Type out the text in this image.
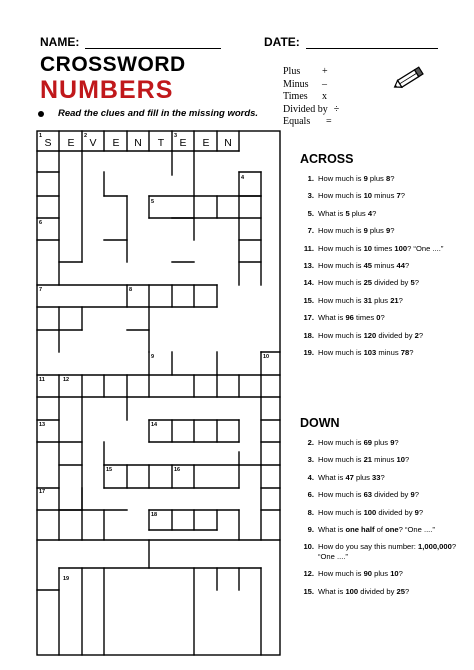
NAME:	DATE:
CROSSWORD
NUMBERS
Plus	+
Minus	–
Times	x
Divided by ÷
Equals	=
Read the clues and fill in the missing words.
1	2	3
4
5
6
7	8
9	10
11	12
13	14
15	16
17
18
19
S E V E N T E E N
ACROSS
1. How much is 9 plus 8?
3. How much is 10 minus 7?
5. What is 5 plus 4?
7. How much is 9 plus 9?
11. How much is 10 times 100? “One ....”
13. How much is 45 minus 44?
14. How much is 25 divided by 5?
15. How much is 31 plus 21?
17. What is 96 times 0?
18. How much is 120 divided by 2?
19. How much is 103 minus 78?
DOWN
2. How much is 69 plus 9?
3. How much is 21 minus 10?
4. What is 47 plus 33?
6. How much is 63 divided by 9?
8. How much is 100 divided by 9?
9. What is one half of one? “One ....”
10. How do you say this number: 1,000,000? “One ....”
12. How much is 90 plus 10?
15. What is 100 divided by 25?
